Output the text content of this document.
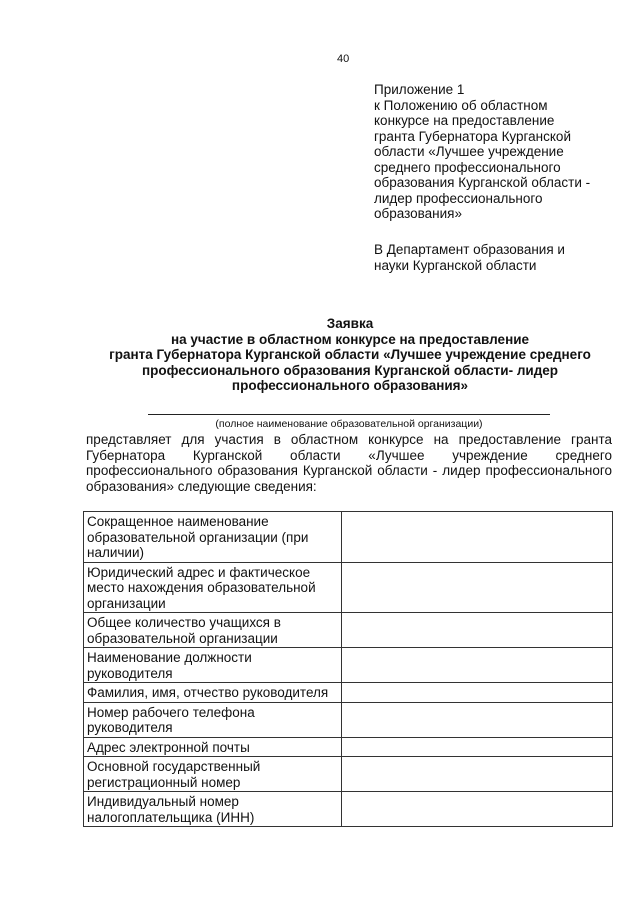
40

Приложение 1

к Положению об областном
конкурсе на предоставление
гранта Губернатора Курганской
области «Лучшее учреждение
среднего профессионального
образования Курганской области -
лидер профессионального
образования»

В Департамент образования и
науки Курганской области
Заявка
на участие в областном конкурсе на предоставление
гранта Губернатора Курганской области «Лучшее учреждение среднего
профессионального образования Курганской области- лидер
профессионального образования»
(полное наименование образовательной организации)
представляет для участия в областном конкурсе на предоставление гранта Губернатора Курганской области «Лучшее учреждение среднего профессионального образования Курганской области - лидер профессионального образования» следующие сведения:
Сокращенное наименование образовательной организации (при наличии)	
Юридический адрес и фактическое место нахождения образовательной организации	
Общее количество учащихся в образовательной организации	
Наименование должности руководителя	
Фамилия, имя, отчество руководителя	
Номер рабочего телефона руководителя	
Адрес электронной почты	
Основной государственный регистрационный номер	
Индивидуальный номер налогоплательщика (ИНН)	
